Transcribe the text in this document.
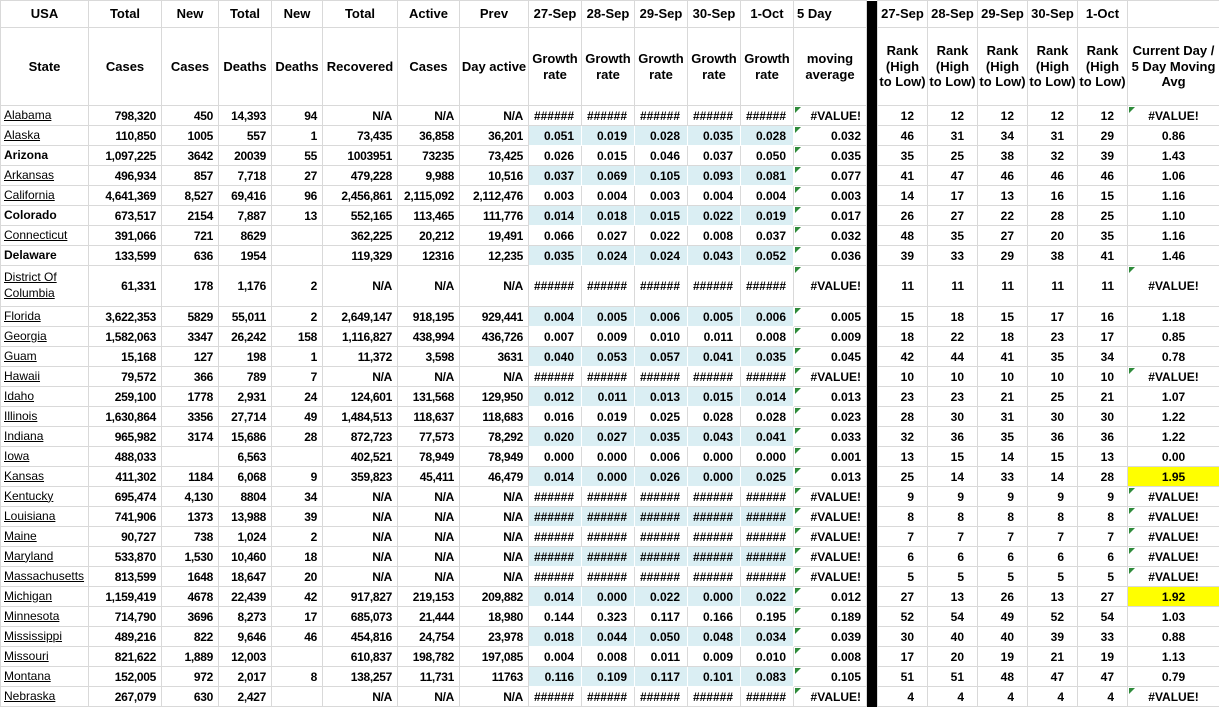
USA	Total	New	Total	New	Total	Active	Prev	27-Sep	28-Sep	29-Sep	30-Sep	1-Oct	5 Day		27-Sep	28-Sep	29-Sep	30-Sep	1-Oct	
State	Cases	Cases	Deaths	Deaths	Recovered	Cases	Day active	Growth rate	Growth rate	Growth rate	Growth rate	Growth rate	moving average		Rank (High to Low)	Rank (High to Low)	Rank (High to Low)	Rank (High to Low)	Rank (High to Low)	Current Day / 5 Day Moving Avg
Alabama	798,320	450	14,393	94	N/A	N/A	N/A	######	######	######	######	######	#VALUE!		12	12	12	12	12	#VALUE!

Alaska	110,850	1005	557	1	73,435	36,858	36,201	0.051	0.019	0.028	0.035	0.028	0.032		46	31	34	31	29	0.86
Arizona	1,097,225	3642	20039	55	1003951	73235	73,425	0.026	0.015	0.046	0.037	0.050	0.035		35	25	38	32	39	1.43
Arkansas	496,934	857	7,718	27	479,228	9,988	10,516	0.037	0.069	0.105	0.093	0.081	0.077		41	47	46	46	46	1.06
California	4,641,369	8,527	69,416	96	2,456,861	2,115,092	2,112,476	0.003	0.004	0.003	0.004	0.004	0.003		14	17	13	16	15	1.16
Colorado	673,517	2154	7,887	13	552,165	113,465	111,776	0.014	0.018	0.015	0.022	0.019	0.017		26	27	22	28	25	1.10
Connecticut	391,066	721	8629		362,225	20,212	19,491	0.066	0.027	0.022	0.008	0.037	0.032		48	35	27	20	35	1.16
Delaware	133,599	636	1954		119,329	12316	12,235	0.035	0.024	0.024	0.043	0.052	0.036		39	33	29	38	41	1.46
District Of Columbia	61,331	178	1,176	2	N/A	N/A	N/A	######	######	######	######	######	#VALUE!		11	11	11	11	11	#VALUE!

Florida	3,622,353	5829	55,011	2	2,649,147	918,195	929,441	0.004	0.005	0.006	0.005	0.006	0.005		15	18	15	17	16	1.18
Georgia	1,582,063	3347	26,242	158	1,116,827	438,994	436,726	0.007	0.009	0.010	0.011	0.008	0.009		18	22	18	23	17	0.85
Guam	15,168	127	198	1	11,372	3,598	3631	0.040	0.053	0.057	0.041	0.035	0.045		42	44	41	35	34	0.78
Hawaii	79,572	366	789	7	N/A	N/A	N/A	######	######	######	######	######	#VALUE!		10	10	10	10	10	#VALUE!

Idaho	259,100	1778	2,931	24	124,601	131,568	129,950	0.012	0.011	0.013	0.015	0.014	0.013		23	23	21	25	21	1.07
Illinois	1,630,864	3356	27,714	49	1,484,513	118,637	118,683	0.016	0.019	0.025	0.028	0.028	0.023		28	30	31	30	30	1.22
Indiana	965,982	3174	15,686	28	872,723	77,573	78,292	0.020	0.027	0.035	0.043	0.041	0.033		32	36	35	36	36	1.22
Iowa	488,033		6,563		402,521	78,949	78,949	0.000	0.000	0.006	0.000	0.000	0.001		13	15	14	15	13	0.00
Kansas	411,302	1184	6,068	9	359,823	45,411	46,479	0.014	0.000	0.026	0.000	0.025	0.013		25	14	33	14	28	1.95
Kentucky	695,474	4,130	8804	34	N/A	N/A	N/A	######	######	######	######	######	#VALUE!		9	9	9	9	9	#VALUE!

Louisiana	741,906	1373	13,988	39	N/A	N/A	N/A	######	######	######	######	######	#VALUE!		8	8	8	8	8	#VALUE!

Maine	90,727	738	1,024	2	N/A	N/A	N/A	######	######	######	######	######	#VALUE!		7	7	7	7	7	#VALUE!

Maryland	533,870	1,530	10,460	18	N/A	N/A	N/A	######	######	######	######	######	#VALUE!		6	6	6	6	6	#VALUE!

Massachusetts	813,599	1648	18,647	20	N/A	N/A	N/A	######	######	######	######	######	#VALUE!		5	5	5	5	5	#VALUE!

Michigan	1,159,419	4678	22,439	42	917,827	219,153	209,882	0.014	0.000	0.022	0.000	0.022	0.012		27	13	26	13	27	1.92
Minnesota	714,790	3696	8,273	17	685,073	21,444	18,980	0.144	0.323	0.117	0.166	0.195	0.189		52	54	49	52	54	1.03
Mississippi	489,216	822	9,646	46	454,816	24,754	23,978	0.018	0.044	0.050	0.048	0.034	0.039		30	40	40	39	33	0.88
Missouri	821,622	1,889	12,003		610,837	198,782	197,085	0.004	0.008	0.011	0.009	0.010	0.008		17	20	19	21	19	1.13
Montana	152,005	972	2,017	8	138,257	11,731	11763	0.116	0.109	0.117	0.101	0.083	0.105		51	51	48	47	47	0.79
Nebraska	267,079	630	2,427		N/A	N/A	N/A	######	######	######	######	######	#VALUE!		4	4	4	4	4	#VALUE!
